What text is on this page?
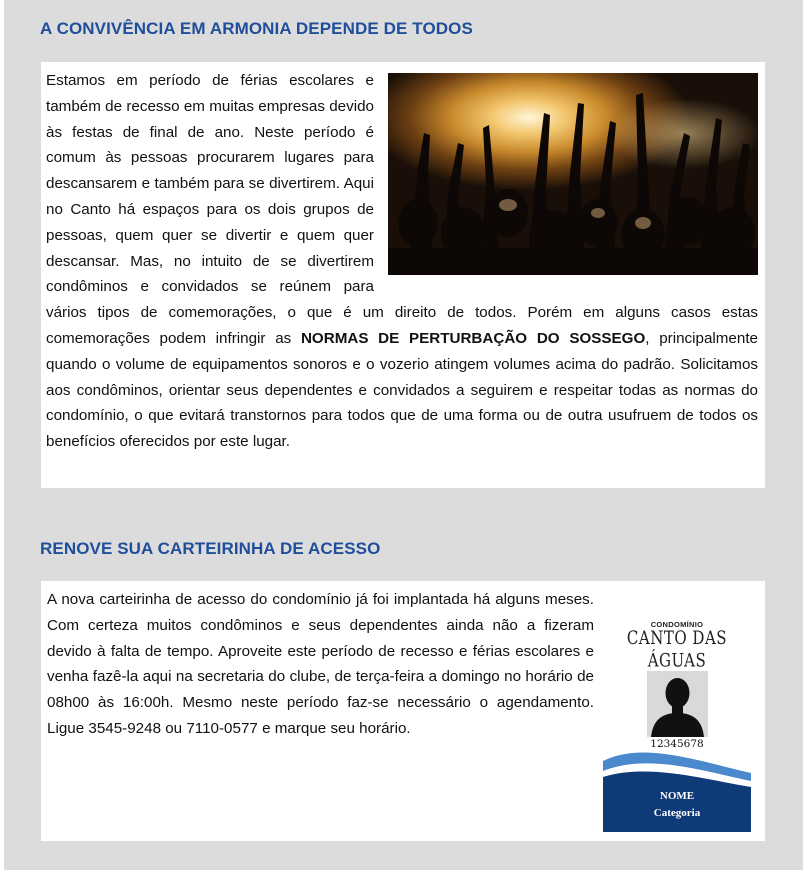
A CONVIVÊNCIA EM ARMONIA DEPENDE DE TODOS

Estamos em período de férias escolares e também de recesso em muitas empresas devido às festas de final de ano. Neste período é comum às pessoas procurarem lugares para descansarem e também para se divertirem. Aqui no Canto há espaços para os dois grupos de pessoas, quem quer se divertir e quem quer descansar. Mas, no intuito de se divertirem condôminos e convidados se reúnem para vários tipos de comemorações, o que é um direito de todos. Porém em alguns casos estas comemorações podem infringir as NORMAS DE PERTURBAÇÃO DO SOSSEGO, principalmente quando o volume de equipamentos sonoros e o vozerio atingem volumes acima do padrão. Solicitamos aos condôminos, orientar seus dependentes e convidados a seguirem e respeitar todas as normas do condomínio, o que evitará transtornos para todos que de uma forma ou de outra usufruem de todos os benefícios oferecidos por este lugar.

RENOVE SUA CARTEIRINHA DE ACESSO

A nova carteirinha de acesso do condomínio já foi implantada há alguns meses. Com certeza muitos condôminos e seus dependentes ainda não a fizeram devido à falta de tempo. Aproveite este período de recesso e férias escolares e venha fazê-la aqui na secretaria do clube, de terça-feira a domingo no horário de 08h00 às 16:00h. Mesmo neste período faz-se necessário o agendamento. Ligue 3545-9248 ou 7110-0577 e marque seu horário.

CONDOMÍNIO
CANTO DAS ÁGUAS
12345678
NOME
Categoria
